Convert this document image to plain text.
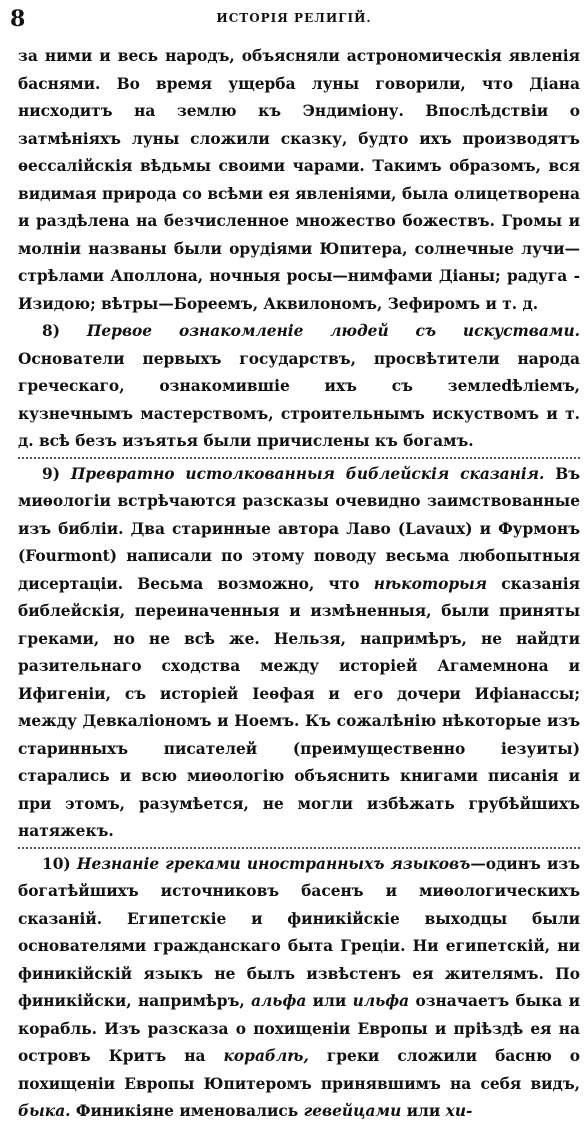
8	ИСТОРІЯ РЕЛИГІЙ.

за ними и весь народъ, объясняли астрономическія явленія баснями. Во время ущерба луны говорили, что Діана нисходитъ на землю къ Эндиміону. Впослѣдствіи о затмѣніяхъ луны сложили сказку, будто ихъ производятъ ѳессалійскія вѣдьмы своими чарами. Такимъ образомъ, вся видимая природа со всѣми ея явленіями, была олицетворена и раздѣлена на безчисленное множество божествъ. Громы и молніи названы были орудіями Юпитера, солнечные лучи—стрѣлами Аполлона, ночныя росы—нимфами Діаны; радуга - Изидою; вѣтры—Бореемъ, Аквилономъ, Зефиромъ и т. д.

8) Первое ознакомленіе людей съ искуствами. Основатели первыхъ государствъ, просвѣтители народа греческаго, ознакомившіе ихъ съ землedѣліемъ, кузнечнымъ мастерствомъ, строительнымъ искуствомъ и т. д. всѣ безъ изъятья были причислены къ богамъ.

9) Превратно истолкованныя библейскія сказанія. Въ миѳологіи встрѣчаются разсказы очевидно заимствованные изъ библіи. Два старинные автора Лаво (Lavaux) и Фурмонъ (Fourmont) написали по этому поводу весьма любопытныя дисертаціи. Весьма возможно, что нѣкоторыя сказанія библейскія, переиначенныя и измѣненныя, были приняты греками, но не всѣ же. Нельзя, напримѣръ, не найдти разительнаго сходства между исторіей Агамемнона и Ифигеніи, съ исторіей Іеѳфая и его дочери Ифіанассы; между Девкаліономъ и Ноемъ. Къ сожалѣнію нѣкоторые изъ старинныхъ писателей (преимущественно іезуиты) старались и всю миѳологію объяснить книгами писанія и при этомъ, разумѣется, не могли избѣжать грубѣйшихъ натяжекъ.

10) Незнаніе греками иностранныхъ языковъ—одинъ изъ богатѣйшихъ источниковъ басенъ и миѳологическихъ сказаній. Египетскіе и финикійскіе выходцы были основателями гражданскаго быта Греціи. Ни египетскій, ни финикійскій языкъ не былъ извѣстенъ ея жителямъ. По финикійски, напримѣръ, альфа или ильфа означаетъ быка и корабль. Изъ разсказа о похищеніи Европы и пріѣздѣ ея на островъ Критъ на кораблѣ, греки сложили басню о похищеніи Европы Юпитеромъ принявшимъ на себя видъ, быка. Финикіяне именовались гевейцами или хи-
